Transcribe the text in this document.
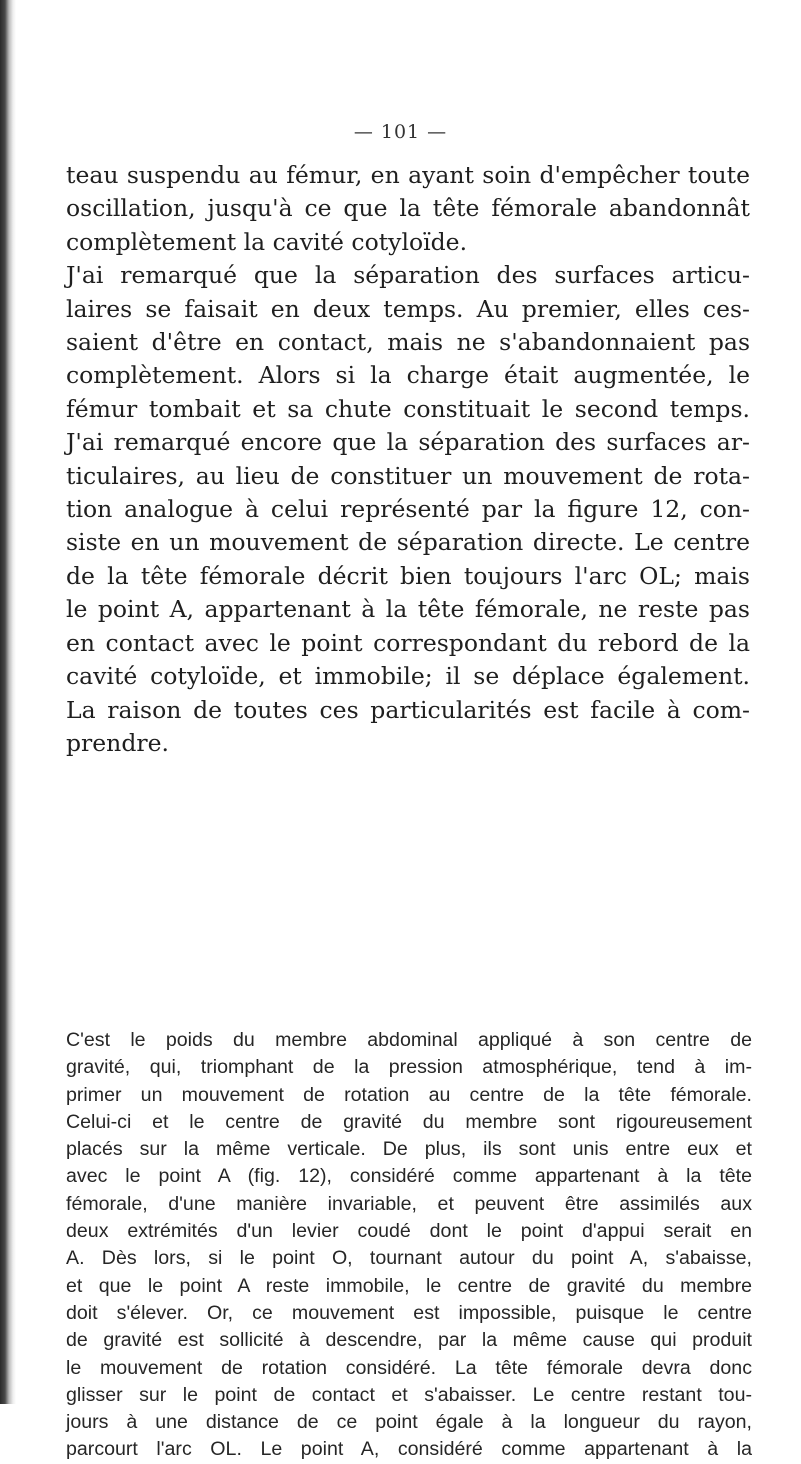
— 101 —
teau suspendu au fémur, en ayant soin d'empêcher toute
oscillation, jusqu'à ce que la tête fémorale abandonnât
complètement la cavité cotyloïde.
J'ai remarqué que la séparation des surfaces articu-
laires se faisait en deux temps. Au premier, elles ces-
saient d'être en contact, mais ne s'abandonnaient pas
complètement. Alors si la charge était augmentée, le
fémur tombait et sa chute constituait le second temps.
J'ai remarqué encore que la séparation des surfaces ar-
ticulaires, au lieu de constituer un mouvement de rota-
tion analogue à celui représenté par la figure 12, con-
siste en un mouvement de séparation directe. Le centre
de la tête fémorale décrit bien toujours l'arc OL; mais
le point A, appartenant à la tête fémorale, ne reste pas
en contact avec le point correspondant du rebord de la
cavité cotyloïde, et immobile; il se déplace également.
La raison de toutes ces particularités est facile à com-
prendre.
C'est le poids du membre abdominal appliqué à son centre de
gravité, qui, triomphant de la pression atmosphérique, tend à im-
primer un mouvement de rotation au centre de la tête fémorale.
Celui-ci et le centre de gravité du membre sont rigoureusement
placés sur la même verticale. De plus, ils sont unis entre eux et
avec le point A (fig. 12), considéré comme appartenant à la tête
fémorale, d'une manière invariable, et peuvent être assimilés aux
deux extrémités d'un levier coudé dont le point d'appui serait en
A. Dès lors, si le point O, tournant autour du point A, s'abaisse,
et que le point A reste immobile, le centre de gravité du membre
doit s'élever. Or, ce mouvement est impossible, puisque le centre
de gravité est sollicité à descendre, par la même cause qui produit
le mouvement de rotation considéré. La tête fémorale devra donc
glisser sur le point de contact et s'abaisser. Le centre restant tou-
jours à une distance de ce point égale à la longueur du rayon,
parcourt l'arc OL. Le point A, considéré comme appartenant à la
